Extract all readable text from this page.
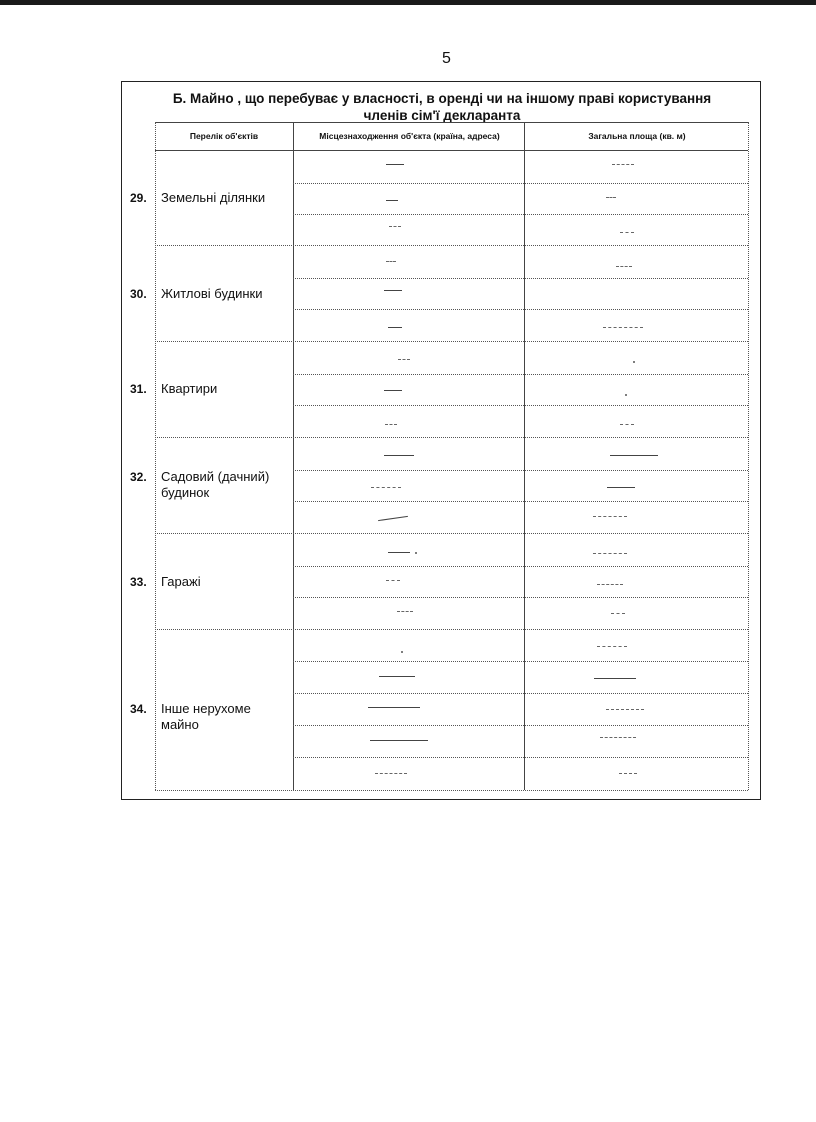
5
Б. Майно , що перебуває у власності, в оренді чи на іншому праві користування
членів сім'ї декларанта
Перелік об'єктів	Місцезнаходження об'єкта (країна, адреса)	Загальна площа (кв. м)
29.	Земельні ділянки
30.	Житлові будинки
31.	Квартири
32.	Садовий (дачний) будинок
33.	Гаражі
34.	Інше нерухоме майно
